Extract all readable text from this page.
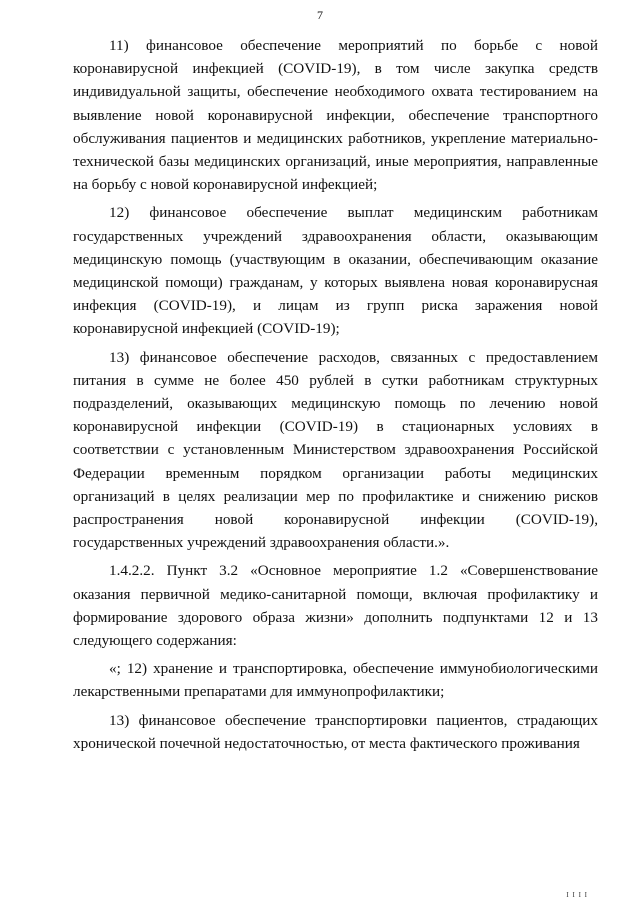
7

11) финансовое обеспечение мероприятий по борьбе с новой коронавирусной инфекцией (COVID-19), в том числе закупка средств индивидуальной защиты, обеспечение необходимого охвата тестированием на выявление новой коронавирусной инфекции, обеспечение транспортного обслуживания пациентов и медицинских работников, укрепление материально-технической базы медицинских организаций, иные мероприятия, направленные на борьбу с новой коронавирусной инфекцией;

12) финансовое обеспечение выплат медицинским работникам государственных учреждений здравоохранения области, оказывающим медицинскую помощь (участвующим в оказании, обеспечивающим оказание медицинской помощи) гражданам, у которых выявлена новая коронавирусная инфекция (COVID-19), и лицам из групп риска заражения новой коронавирусной инфекцией (COVID-19);

13) финансовое обеспечение расходов, связанных с предоставлением питания в сумме не более 450 рублей в сутки работникам структурных подразделений, оказывающих медицинскую помощь по лечению новой коронавирусной инфекции (COVID-19) в стационарных условиях в соответствии с установленным Министерством здравоохранения Российской Федерации временным порядком организации работы медицинских организаций в целях реализации мер по профилактике и снижению рисков распространения новой коронавирусной инфекции (COVID-19), государственных учреждений здравоохранения области.».

1.4.2.2. Пункт 3.2 «Основное мероприятие 1.2 «Совершенствование оказания первичной медико-санитарной помощи, включая профилактику и формирование здорового образа жизни» дополнить подпунктами 12 и 13 следующего содержания:

«; 12) хранение и транспортировка, обеспечение иммунобиологическими лекарственными препаратами для иммунопрофилактики;

13) финансовое обеспечение транспортировки пациентов, страдающих хронической почечной недостаточностью, от места фактического проживания

I I I I
